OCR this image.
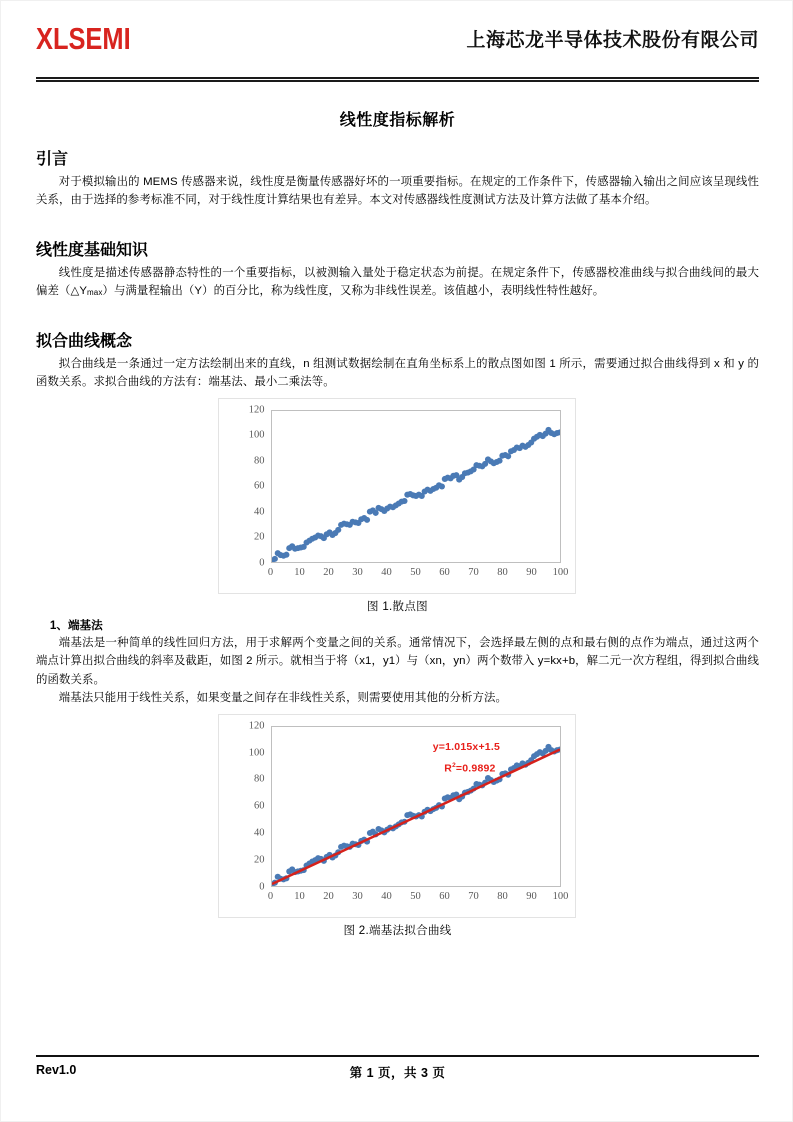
XLSEMI	上海芯龙半导体技术股份有限公司
线性度指标解析
引言

对于模拟输出的 MEMS 传感器来说，线性度是衡量传感器好坏的一项重要指标。在规定的工作条件下，传感器输入输出之间应该呈现线性关系，由于选择的参考标准不同，对于线性度计算结果也有差异。本文对传感器线性度测试方法及计算方法做了基本介绍。

线性度基础知识

线性度是描述传感器静态特性的一个重要指标，以被测输入量处于稳定状态为前提。在规定条件下，传感器校准曲线与拟合曲线间的最大偏差$(\triangle Y_{max})$与满量程输出（Y）的百分比，称为线性度，又称为非线性误差。该值越小，表明线性特性越好。

拟合曲线概念

拟合曲线是一条通过一定方法绘制出来的直线，n 组测试数据绘制在直角坐标系上的散点图如图 1 所示，需要通过拟合曲线得到 x 和 y 的函数关系。求拟合曲线的方法有：端基法、最小二乘法等。

0
20
40
60
80
100
120
0 10 20 30 40 50 60 70 80 90 100
图 1.散点图
1、端基法

端基法是一种简单的线性回归方法，用于求解两个变量之间的关系。通常情况下，会选择最左侧的点和最右侧的点作为端点，通过这两个端点计算出拟合曲线的斜率及截距，如图 2 所示。就相当于将（x1，y1）与（xn，yn）两个数带入 y=kx+b，解二元一次方程组，得到拟合曲线的函数关系。

端基法只能用于线性关系，如果变量之间存在非线性关系，则需要使用其他的分析方法。

0
20
40
60
80
100
120
y=1.015x+1.5
$R^2=0.9892$
0 10 20 30 40 50 60 70 80 90 100
图 2.端基法拟合曲线
Rev1.0	第 1 页，共 3 页
